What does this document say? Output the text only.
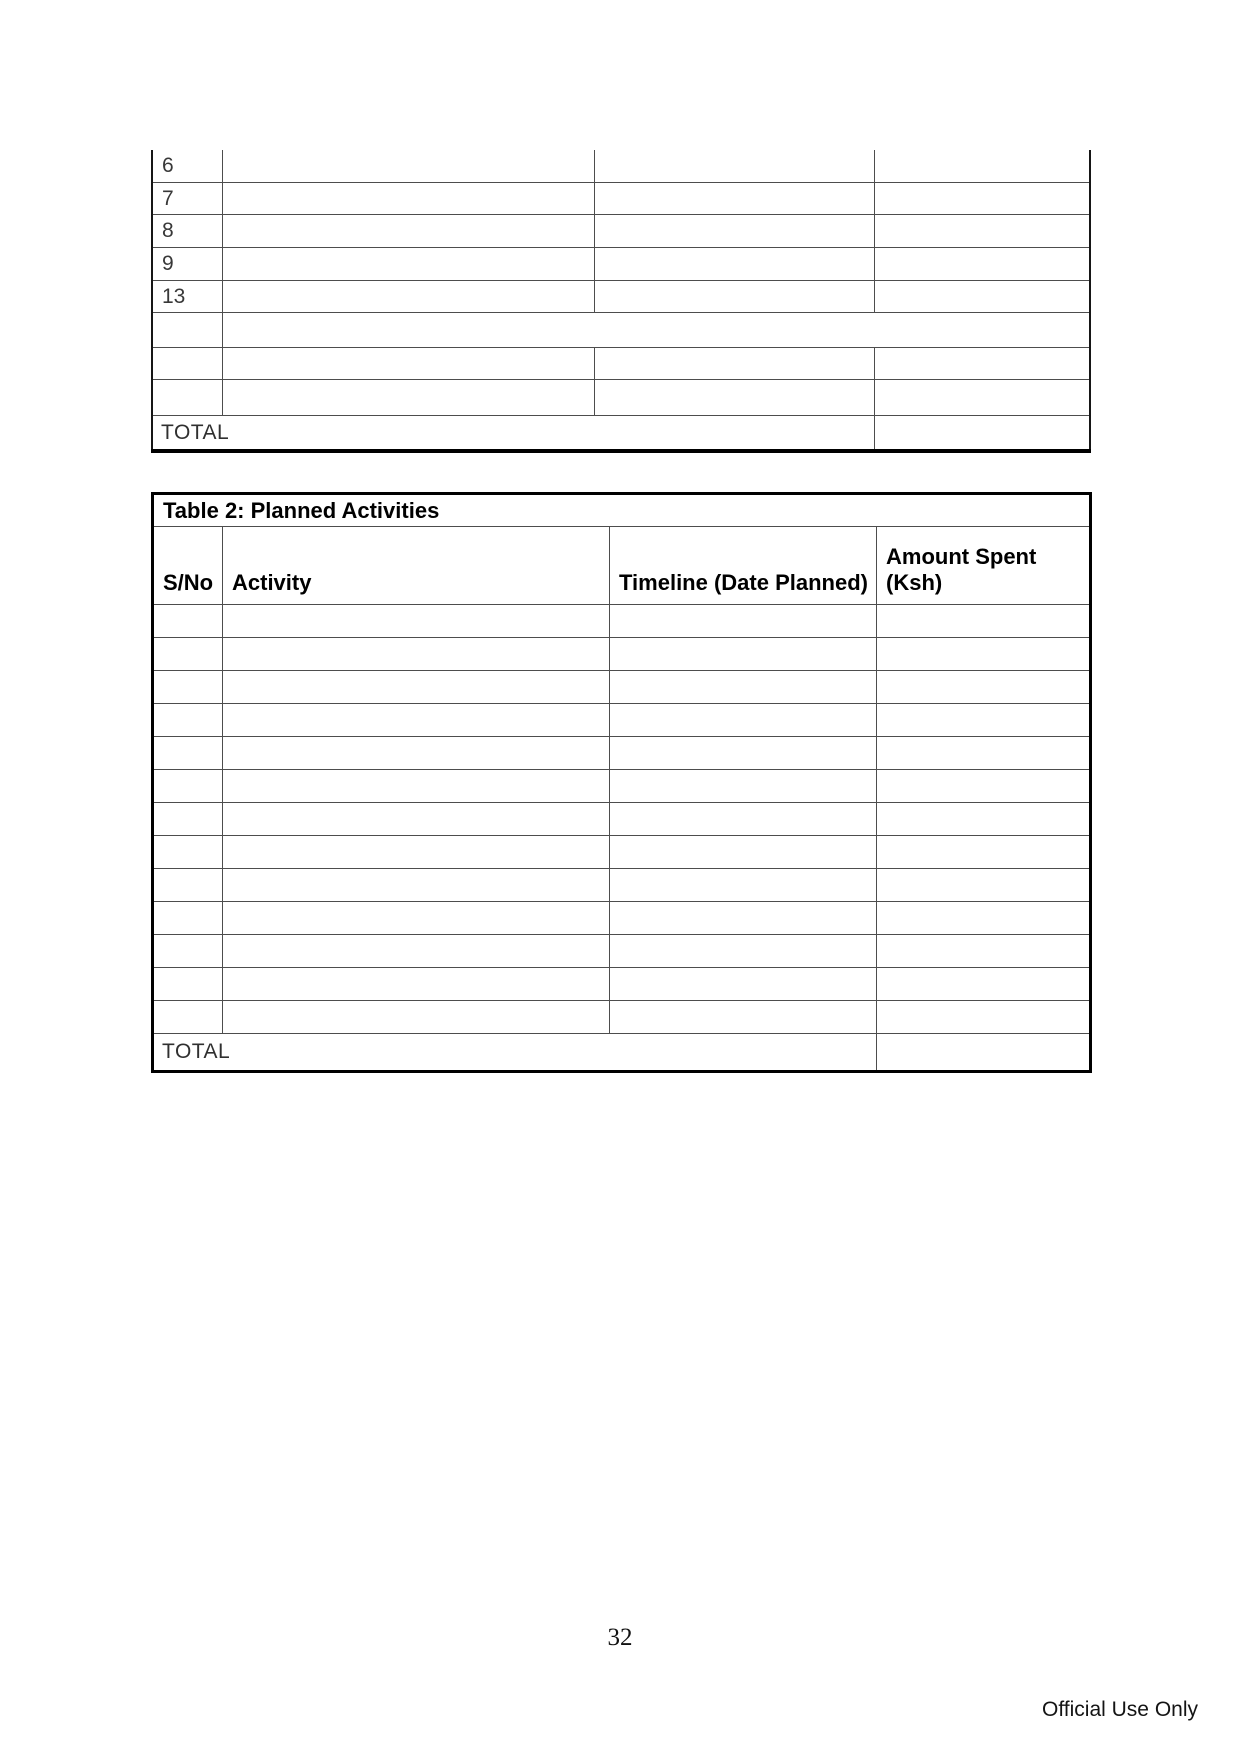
6			
7			
8			
9			
13			

TOTAL			
Table 2: Planned Activities			
S/No	Activity	Timeline (Date Planned)	Amount Spent (Ksh)

TOTAL			
32
Official Use Only
